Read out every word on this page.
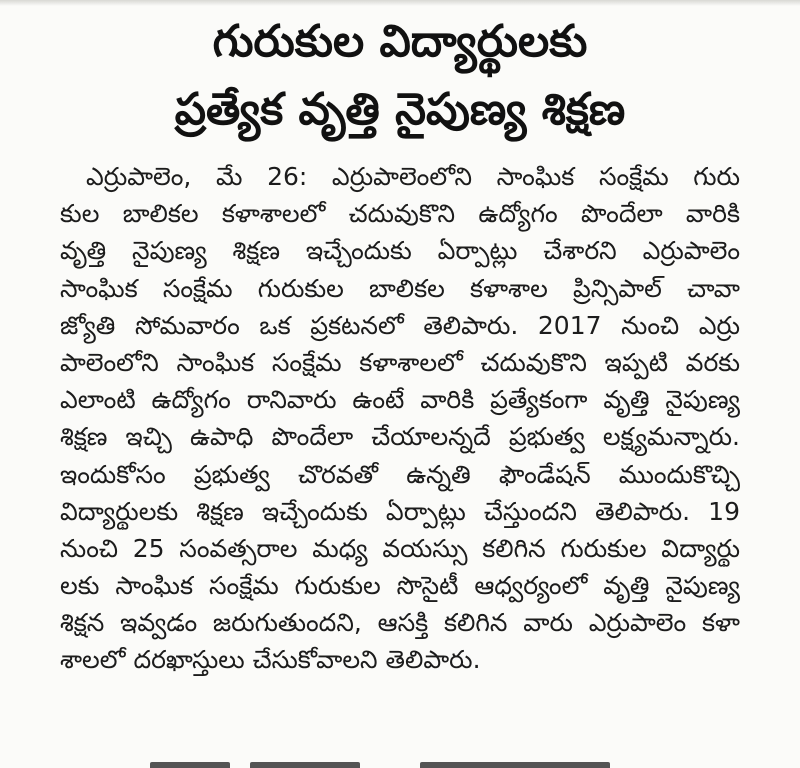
గురుకుల విద్యార్థులకు
ప్రత్యేక వృత్తి నైపుణ్య శిక్షణ
ఎర్రుపాలెం, మే 26: ఎర్రుపాలెంలోని సాంఘిక సంక్షేమ గురు
కుల బాలికల కళాశాలలో చదువుకొని ఉద్యోగం పొందేలా వారికి
వృత్తి నైపుణ్య శిక్షణ ఇచ్చేందుకు ఏర్పాట్లు చేశారని ఎర్రుపాలెం
సాంఘిక సంక్షేమ గురుకుల బాలికల కళాశాల ప్రిన్సిపాల్ చావా
జ్యోతి సోమవారం ఒక ప్రకటనలో తెలిపారు. 2017 నుంచి ఎర్రు
పాలెంలోని సాంఘిక సంక్షేమ కళాశాలలో చదువుకొని ఇప్పటి వరకు
ఎలాంటి ఉద్యోగం రానివారు ఉంటే వారికి ప్రత్యేకంగా వృత్తి నైపుణ్య
శిక్షణ ఇచ్చి ఉపాధి పొందేలా చేయాలన్నదే ప్రభుత్వ లక్ష్యమన్నారు.
ఇందుకోసం ప్రభుత్వ చొరవతో ఉన్నతి ఫౌండేషన్ ముందుకొచ్చి
విద్యార్థులకు శిక్షణ ఇచ్చేందుకు ఏర్పాట్లు చేస్తుందని తెలిపారు. 19
నుంచి 25 సంవత్సరాల మధ్య వయస్సు కలిగిన గురుకుల విద్యార్థు
లకు సాంఘిక సంక్షేమ గురుకుల సొసైటీ ఆధ్వర్యంలో వృత్తి నైపుణ్య
శిక్షన ఇవ్వడం జరుగుతుందని, ఆసక్తి కలిగిన వారు ఎర్రుపాలెం కళా
శాలలో దరఖాస్తులు చేసుకోవాలని తెలిపారు.
